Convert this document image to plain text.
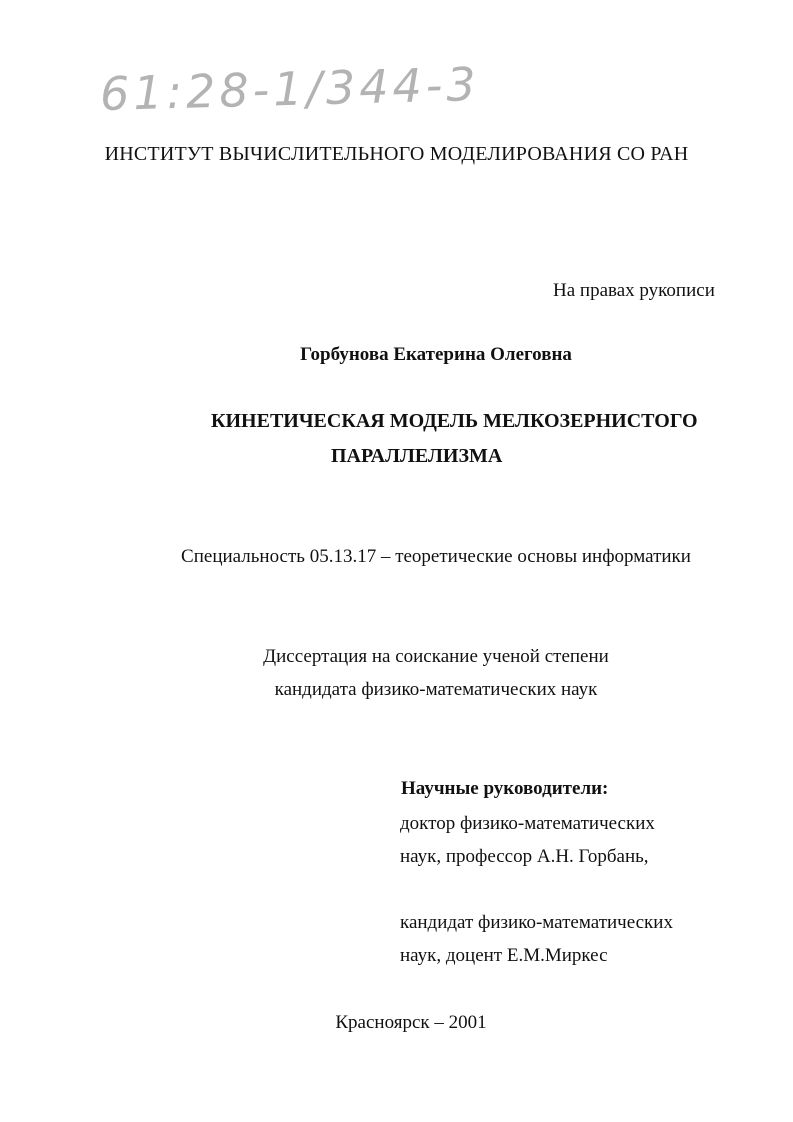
61:28-1/344-3
ИНСТИТУТ ВЫЧИСЛИТЕЛЬНОГО МОДЕЛИРОВАНИЯ СО РАН
На правах рукописи
Горбунова Екатерина Олеговна
КИНЕТИЧЕСКАЯ МОДЕЛЬ МЕЛКОЗЕРНИСТОГО
ПАРАЛЛЕЛИЗМА
Специальность 05.13.17 – теоретические основы информатики
Диссертация на соискание ученой степени
кандидата физико-математических наук
Научные руководители:
доктор физико-математических
наук, профессор А.Н. Горбань,
кандидат физико-математических
наук, доцент Е.М.Миркес
Красноярск – 2001
